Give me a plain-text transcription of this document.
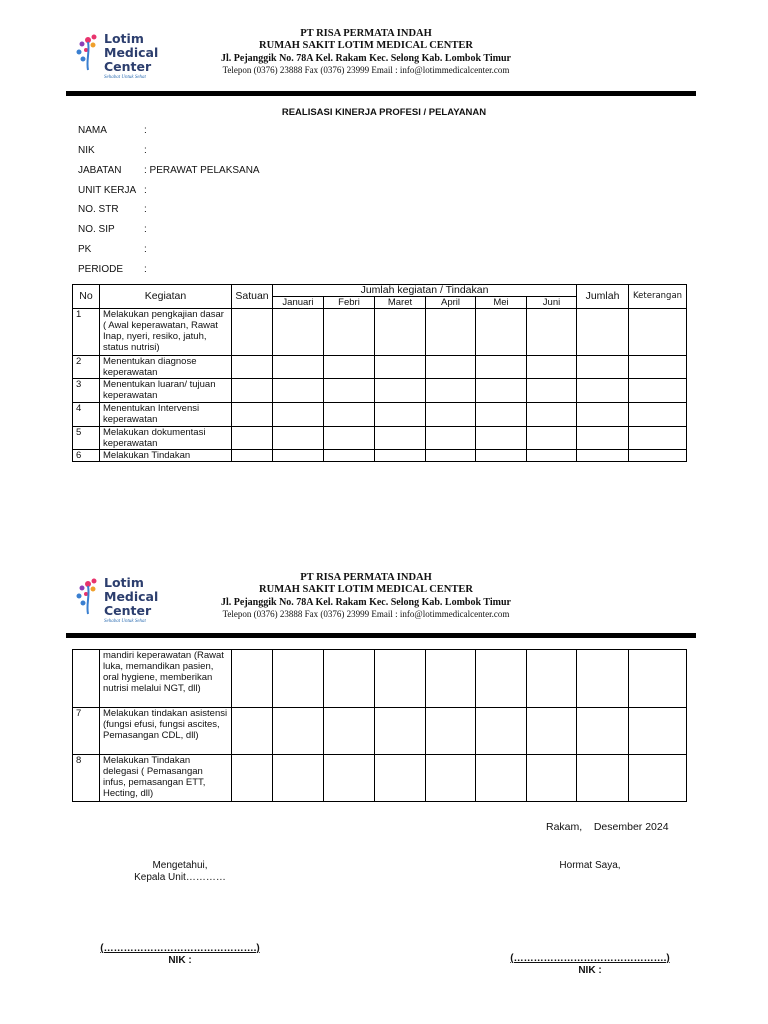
Lotim
Medical
Center
Sehabat Untuk Sehat
PT RISA PERMATA INDAH
RUMAH SAKIT LOTIM MEDICAL CENTER
Jl. Pejanggik No. 78A Kel. Rakam Kec. Selong Kab. Lombok Timur
Telepon (0376) 23888 Fax (0376) 23999 Email : info@lotimmedicalcenter.com
REALISASI KINERJA PROFESI / PELAYANAN
NAMA	:
NIK	:
JABATAN : PERAWAT PELAKSANA
UNIT KERJA :
NO. STR	:
NO. SIP	:
PK	:
PERIODE :
No	Kegiatan	Satuan	Jumlah kegiatan / Tindakan						Jumlah	Keterangan
			Januari	Febri	Maret	April	Mei	Juni		
1	Melakukan pengkajian dasar ( Awal keperawatan, Rawat Inap, nyeri, resiko, jatuh, status nutrisi)									
2	Menentukan diagnose keperawatan									
3	Menentukan luaran/ tujuan keperawatan									
4	Menentukan Intervensi keperawatan									
5	Melakukan dokumentasi keperawatan									
6	Melakukan Tindakan									
Lotim
Medical
Center
Sehabat Untuk Sehat
PT RISA PERMATA INDAH
RUMAH SAKIT LOTIM MEDICAL CENTER
Jl. Pejanggik No. 78A Kel. Rakam Kec. Selong Kab. Lombok Timur
Telepon (0376) 23888 Fax (0376) 23999 Email : info@lotimmedicalcenter.com
	mandiri keperawatan (Rawat luka, memandikan pasien, oral hygiene, memberikan nutrisi melalui NGT, dll)									
7	Melakukan tindakan asistensi (fungsi efusi, fungsi ascites, Pemasangan CDL, dll)									
8	Melakukan Tindakan delegasi ( Pemasangan infus, pemasangan ETT, Hecting, dll)									
Rakam,    Desember 2024
Mengetahui,
Kepala Unit…………
Hormat Saya,
(……………………………………….)
NIK :	(……………………………………….)
NIK :
